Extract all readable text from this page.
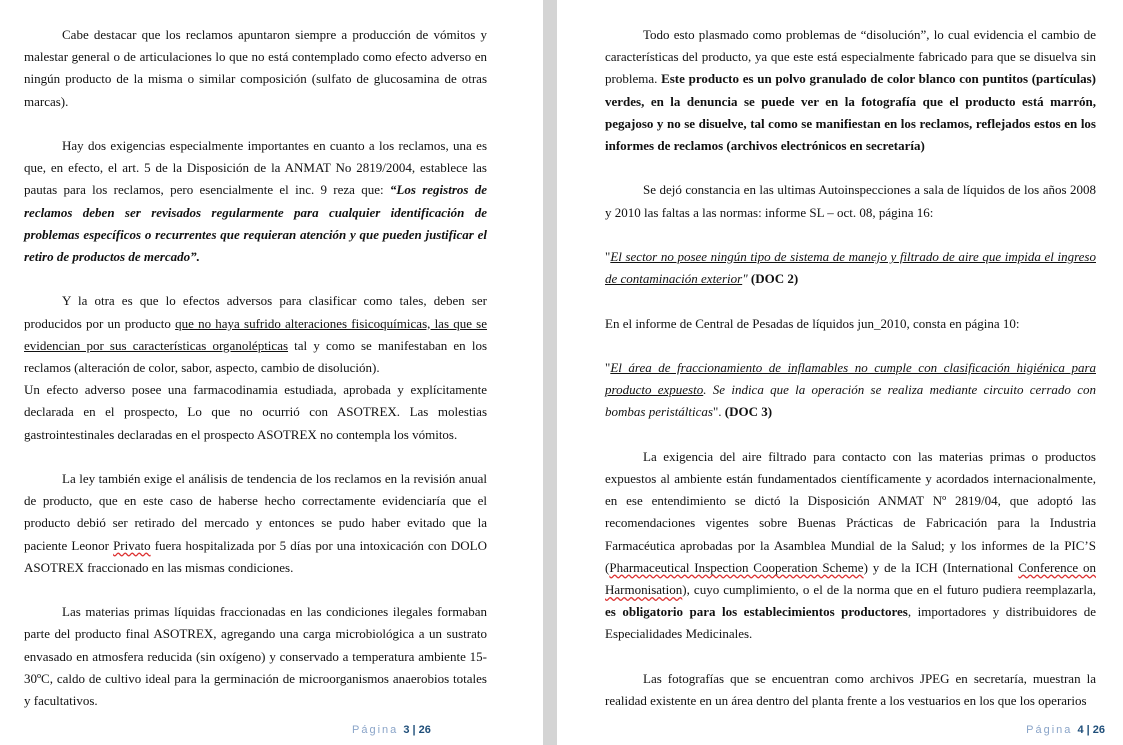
Cabe destacar que los reclamos apuntaron siempre a producción de vómitos y malestar general o de articulaciones lo que no está contemplado como efecto adverso en ningún producto de la misma o similar composición (sulfato de glucosamina de otras marcas).

Hay dos exigencias especialmente importantes en cuanto a los reclamos, una es que, en efecto, el art. 5 de la Disposición de la ANMAT No 2819/2004, establece las pautas para los reclamos, pero esencialmente el inc. 9 reza que: “Los registros de reclamos deben ser revisados regularmente para cualquier identificación de problemas específicos o recurrentes que requieran atención y que pueden justificar el retiro de productos de mercado”.

Y la otra es que lo efectos adversos para clasificar como tales, deben ser producidos por un producto que no haya sufrido alteraciones fisicoquímicas, las que se evidencian por sus características organolépticas tal y como se manifestaban en los reclamos (alteración de color, sabor, aspecto, cambio de disolución).

Un efecto adverso posee una farmacodinamia estudiada, aprobada y explícitamente declarada en el prospecto, Lo que no ocurrió con ASOTREX. Las molestias gastrointestinales declaradas en el prospecto ASOTREX no contempla los vómitos.

La ley también exige el análisis de tendencia de los reclamos en la revisión anual de producto, que en este caso de haberse hecho correctamente evidenciaría que el producto debió ser retirado del mercado y entonces se pudo haber evitado que la paciente Leonor Privato fuera hospitalizada por 5 días por una intoxicación con DOLO ASOTREX fraccionado en las mismas condiciones.

Las materias primas líquidas fraccionadas en las condiciones ilegales formaban parte del producto final ASOTREX, agregando una carga microbiológica a un sustrato envasado en atmosfera reducida (sin oxígeno) y conservado a temperatura ambiente 15-30ºC, caldo de cultivo ideal para la germinación de microorganismos anaerobios totales y facultativos.

Página 3 | 26

Todo esto plasmado como problemas de “disolución”, lo cual evidencia el cambio de características del producto, ya que este está especialmente fabricado para que se disuelva sin problema. Este producto es un polvo granulado de color blanco con puntitos (partículas) verdes, en la denuncia se puede ver en la fotografía que el producto está marrón, pegajoso y no se disuelve, tal como se manifiestan en los reclamos, reflejados estos en los informes de reclamos (archivos electrónicos en secretaría)

Se dejó constancia en las ultimas Autoinspecciones a sala de líquidos de los años 2008 y 2010 las faltas a las normas: informe SL – oct. 08, página 16:

"El sector no posee ningún tipo de sistema de manejo y filtrado de aire que impida el ingreso de contaminación exterior" (DOC 2)

En el informe de Central de Pesadas de líquidos jun_2010, consta en página 10:

"El área de fraccionamiento de inflamables no cumple con clasificación higiénica para producto expuesto. Se indica que la operación se realiza mediante circuito cerrado con bombas peristálticas". (DOC 3)

La exigencia del aire filtrado para contacto con las materias primas o productos expuestos al ambiente están fundamentados científicamente y acordados internacionalmente, en ese entendimiento se dictó la Disposición ANMAT Nº 2819/04, que adoptó las recomendaciones vigentes sobre Buenas Prácticas de Fabricación para la Industria Farmacéutica aprobadas por la Asamblea Mundial de la Salud; y los informes de la PIC’S (Pharmaceutical Inspection Cooperation Scheme) y de la ICH (International Conference on Harmonisation), cuyo cumplimiento, o el de la norma que en el futuro pudiera reemplazarla, es obligatorio para los establecimientos productores, importadores y distribuidores de Especialidades Medicinales.

Las fotografías que se encuentran como archivos JPEG en secretaría, muestran la realidad existente en un área dentro del planta frente a los vestuarios en los que los operarios

Página 4 | 26
